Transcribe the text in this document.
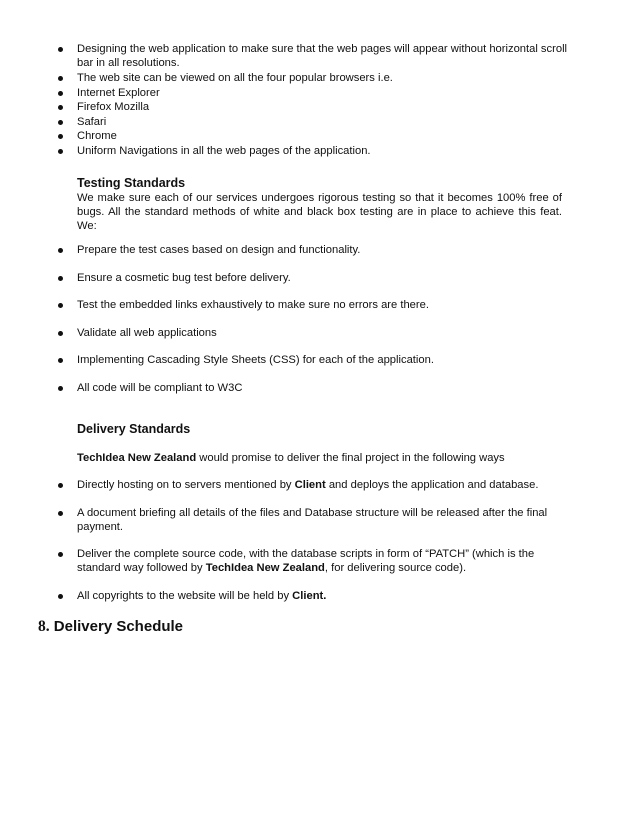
Designing the web application to make sure that the web pages will appear without horizontal scroll bar in all resolutions.
The web site can be viewed on all the four popular browsers i.e.
Internet Explorer
Firefox Mozilla
Safari
Chrome
Uniform Navigations in all the web pages of the application.
Testing Standards
We make sure each of our services undergoes rigorous testing so that it becomes 100% free of bugs. All the standard methods of white and black box testing are in place to achieve this feat. We:
Prepare the test cases based on design and functionality.
Ensure a cosmetic bug test before delivery.
Test the embedded links exhaustively to make sure no errors are there.
Validate all web applications
Implementing Cascading Style Sheets (CSS) for each of the application.
All code will be compliant to W3C
Delivery Standards
TechIdea New Zealand would promise to deliver the final project in the following ways
Directly hosting on to servers mentioned by Client and deploys the application and database.
A document briefing all details of the files and Database structure will be released after the final payment.
Deliver the complete source code, with the database scripts in form of “PATCH” (which is the standard way followed by TechIdea New Zealand, for delivering source code).
All copyrights to the website will be held by Client.
8. Delivery Schedule
